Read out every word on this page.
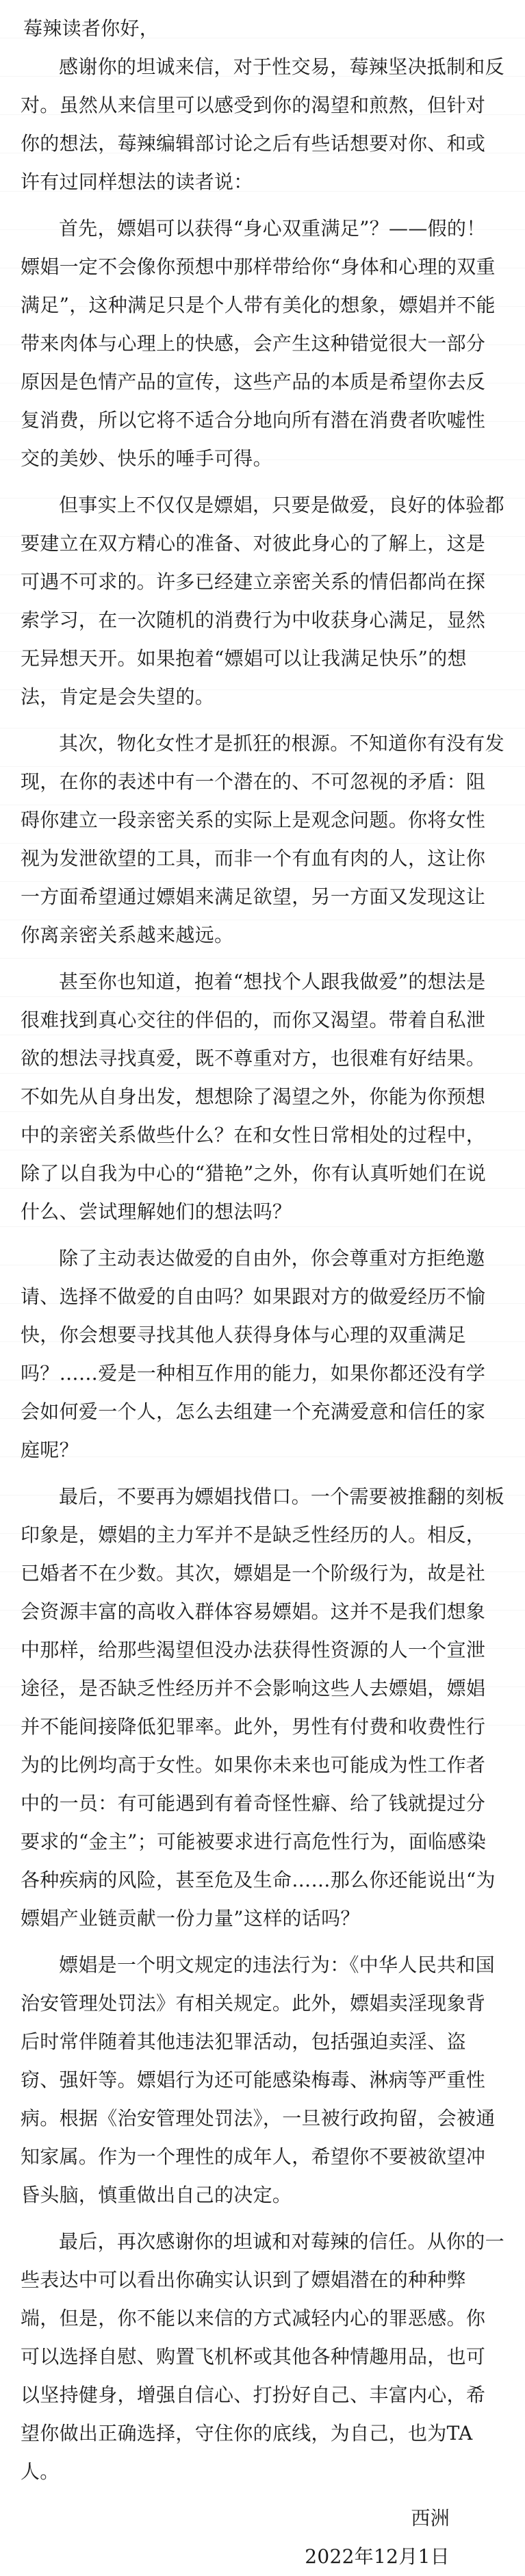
莓辣读者你好，

感谢你的坦诚来信，对于性交易，莓辣坚决抵制和反对。虽然从来信里可以感受到你的渴望和煎熬，但针对你的想法，莓辣编辑部讨论之后有些话想要对你、和或许有过同样想法的读者说：

首先，嫖娼可以获得“身心双重满足”？——假的！嫖娼一定不会像你预想中那样带给你“身体和心理的双重满足”，这种满足只是个人带有美化的想象，嫖娼并不能带来肉体与心理上的快感，会产生这种错觉很大一部分原因是色情产品的宣传，这些产品的本质是希望你去反复消费，所以它将不适合分地向所有潜在消费者吹嘘性交的美妙、快乐的唾手可得。

但事实上不仅仅是嫖娼，只要是做爱，良好的体验都要建立在双方精心的准备、对彼此身心的了解上，这是可遇不可求的。许多已经建立亲密关系的情侣都尚在探索学习，在一次随机的消费行为中收获身心满足，显然无异想天开。如果抱着“嫖娼可以让我满足快乐”的想法，肯定是会失望的。

其次，物化女性才是抓狂的根源。不知道你有没有发现，在你的表述中有一个潜在的、不可忽视的矛盾：阻碍你建立一段亲密关系的实际上是观念问题。你将女性视为发泄欲望的工具，而非一个有血有肉的人，这让你一方面希望通过嫖娼来满足欲望，另一方面又发现这让你离亲密关系越来越远。

甚至你也知道，抱着“想找个人跟我做爱”的想法是很难找到真心交往的伴侣的，而你又渴望。带着自私泄欲的想法寻找真爱，既不尊重对方，也很难有好结果。不如先从自身出发，想想除了渴望之外，你能为你预想中的亲密关系做些什么？在和女性日常相处的过程中，除了以自我为中心的“猎艳”之外，你有认真听她们在说什么、尝试理解她们的想法吗？

除了主动表达做爱的自由外，你会尊重对方拒绝邀请、选择不做爱的自由吗？如果跟对方的做爱经历不愉快，你会想要寻找其他人获得身体与心理的双重满足吗？……爱是一种相互作用的能力，如果你都还没有学会如何爱一个人，怎么去组建一个充满爱意和信任的家庭呢？

最后，不要再为嫖娼找借口。一个需要被推翻的刻板印象是，嫖娼的主力军并不是缺乏性经历的人。相反，已婚者不在少数。其次，嫖娼是一个阶级行为，故是社会资源丰富的高收入群体容易嫖娼。这并不是我们想象中那样，给那些渴望但没办法获得性资源的人一个宣泄途径，是否缺乏性经历并不会影响这些人去嫖娼，嫖娼并不能间接降低犯罪率。此外，男性有付费和收费性行为的比例均高于女性。如果你未来也可能成为性工作者中的一员：有可能遇到有着奇怪性癖、给了钱就提过分要求的“金主”；可能被要求进行高危性行为，面临感染各种疾病的风险，甚至危及生命……那么你还能说出“为嫖娼产业链贡献一份力量”这样的话吗？

嫖娼是一个明文规定的违法行为：《中华人民共和国治安管理处罚法》有相关规定。此外，嫖娼卖淫现象背后时常伴随着其他违法犯罪活动，包括强迫卖淫、盗窃、强奸等。嫖娼行为还可能感染梅毒、淋病等严重性病。根据《治安管理处罚法》，一旦被行政拘留，会被通知家属。作为一个理性的成年人，希望你不要被欲望冲昏头脑，慎重做出自己的决定。

最后，再次感谢你的坦诚和对莓辣的信任。从你的一些表达中可以看出你确实认识到了嫖娼潜在的种种弊端，但是，你不能以来信的方式减轻内心的罪恶感。你可以选择自慰、购置飞机杯或其他各种情趣用品，也可以坚持健身，增强自信心、打扮好自己、丰富内心，希望你做出正确选择，守住你的底线，为自己，也为TA人。

西洲

2022年12月1日
